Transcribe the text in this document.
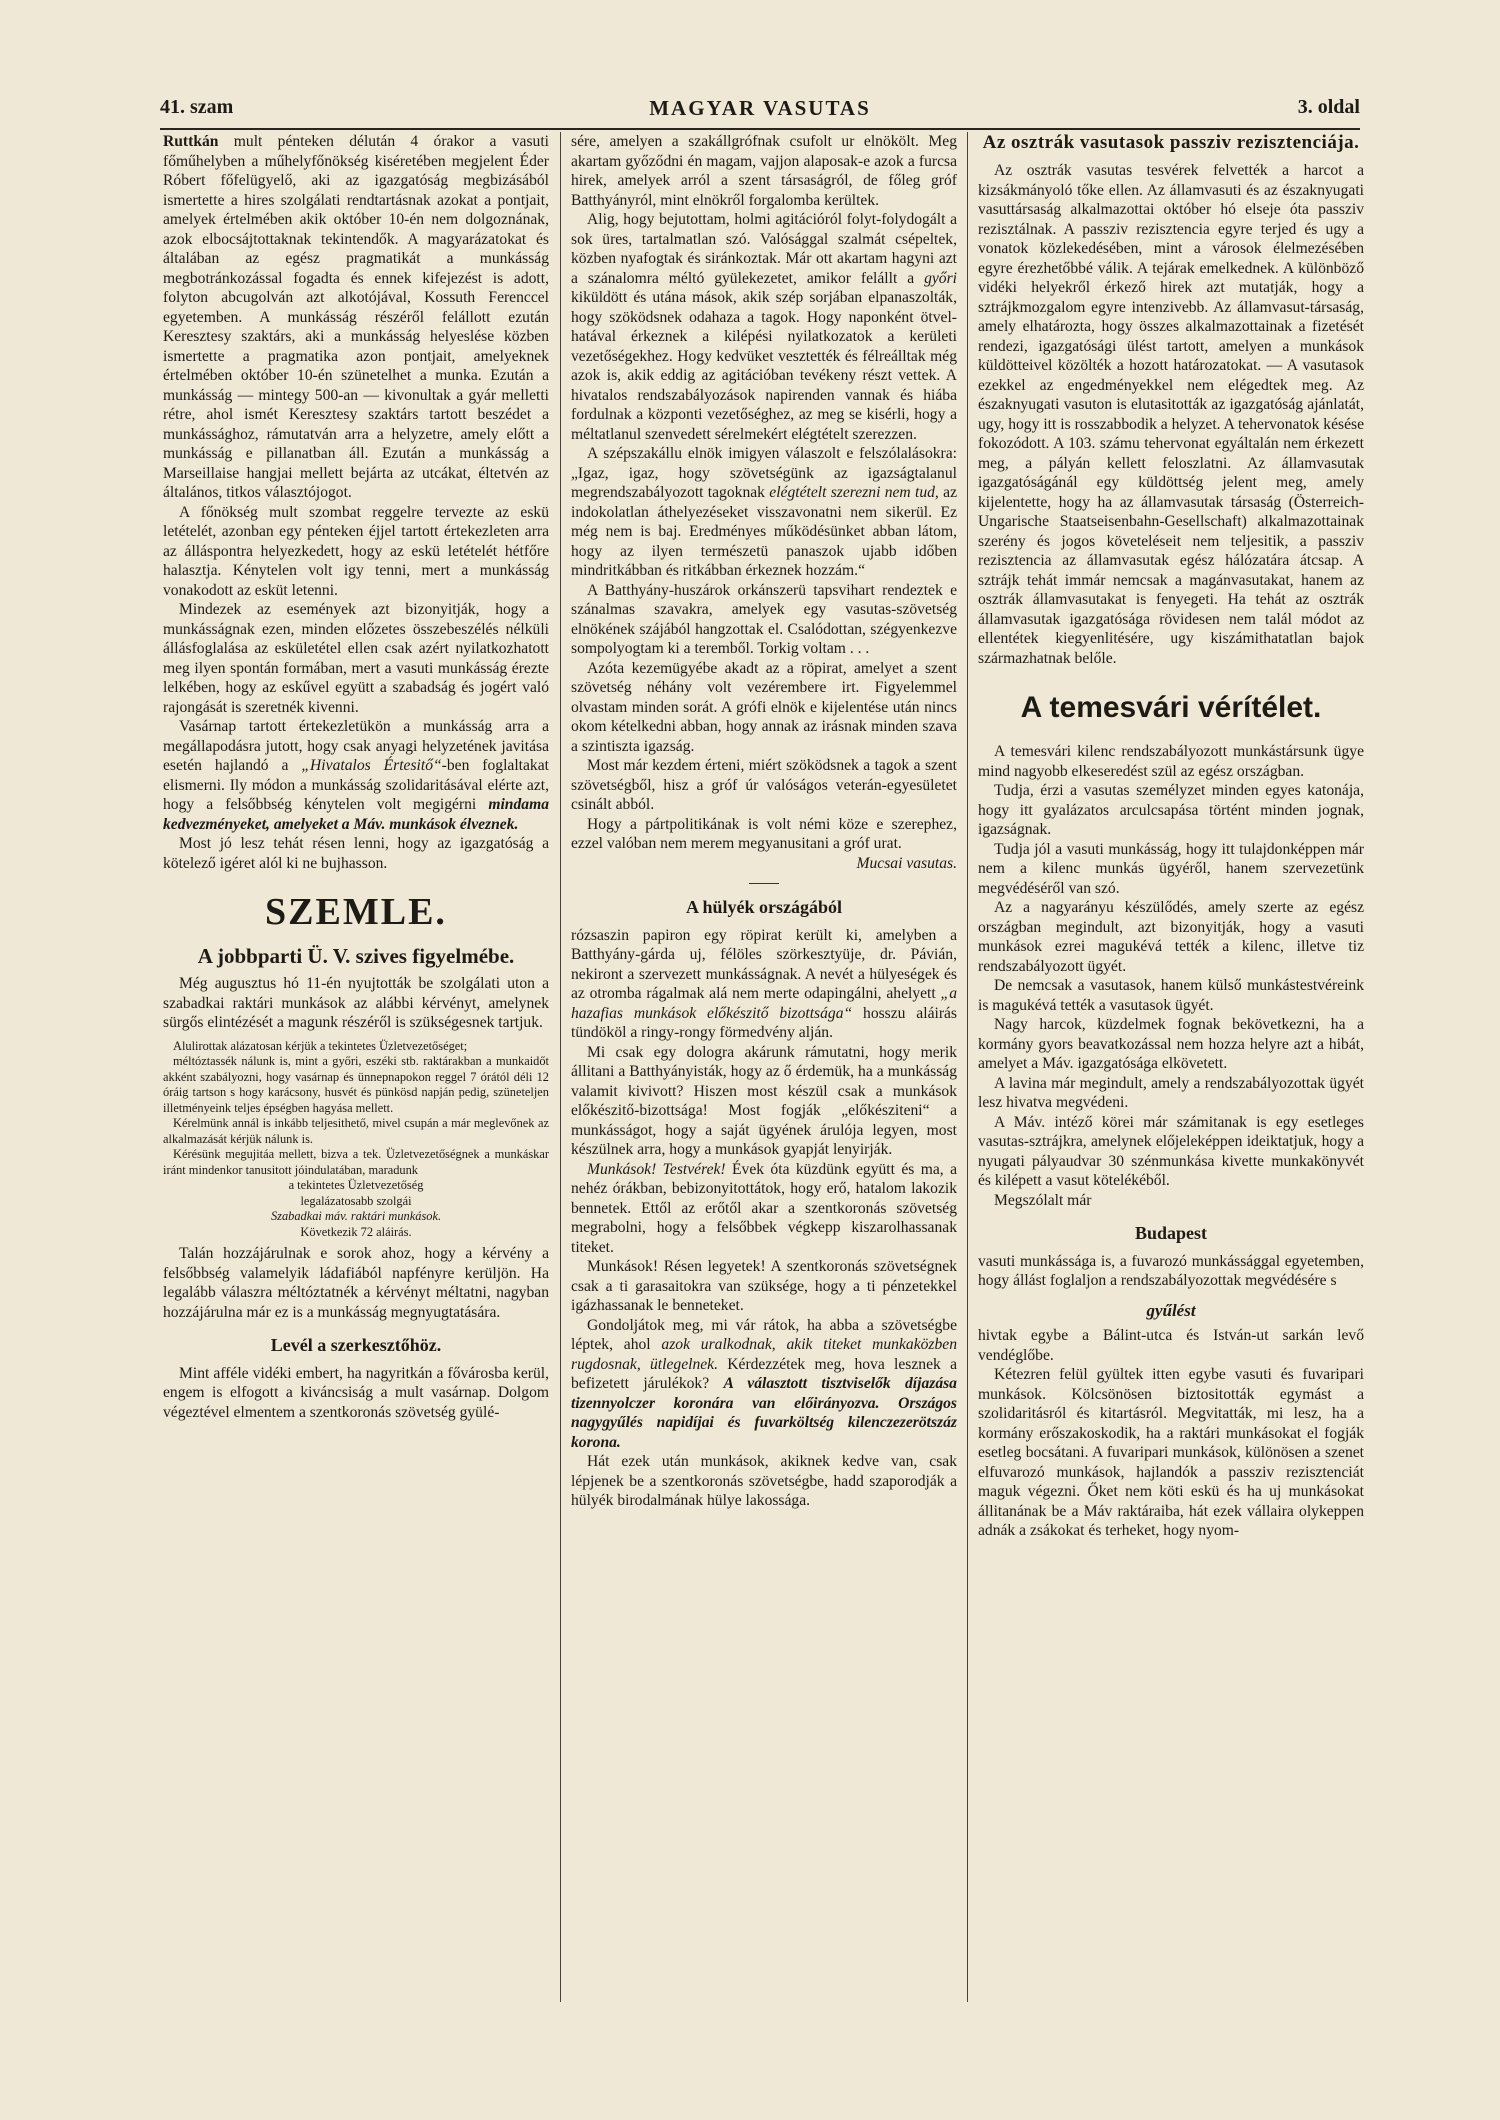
41. szam	MAGYAR VASUTAS	3. oldal

Ruttkán mult pénteken délután 4 órakor a vasuti főműhelyben a műhelyfőnökség kiséretében megjelent Éder Róbert főfelügyelő, aki az igazgatóság megbizásából ismertette a hires szolgálati rendtartásnak azokat a pontjait, amelyek értelmében akik október 10-én nem dolgoznának, azok elbocsájtottaknak tekintendők. A magyarázatokat és általában az egész pragmatikát a munkásság megbotránkozással fogadta és ennek kifejezést is adott, folyton abcugolván azt alkotójával, Kossuth Ferenccel egyetemben. A munkásság részéről felállott ezután Keresztesy szaktárs, aki a munkásság helyeslése közben ismertette a pragmatika azon pontjait, amelyeknek értelmében október 10-én szünetelhet a munka. Ezután a munkásság — mintegy 500-an — kivonultak a gyár melletti rétre, ahol ismét Keresztesy szaktárs tartott beszédet a munkássághoz, rámutatván arra a helyzetre, amely előtt a munkásság e pillanatban áll. Ezután a munkásság a Marseillaise hangjai mellett bejárta az utcákat, éltetvén az általános, titkos választójogot.

A főnökség mult szombat reggelre tervezte az eskü letételét, azonban egy pénteken éjjel tartott értekezleten arra az álláspontra helyezkedett, hogy az eskü letételét hétfőre halasztja. Kénytelen volt igy tenni, mert a munkásság vonakodott az esküt letenni.

Mindezek az események azt bizonyitják, hogy a munkásságnak ezen, minden előzetes összebeszélés nélküli állásfoglalása az eskületétel ellen csak azért nyilatkozhatott meg ilyen spontán formában, mert a vasuti munkásság érezte lelkében, hogy az eskűvel együtt a szabadság és jogért való rajongását is szeretnék kivenni.

Vasárnap tartott értekezletükön a munkásság arra a megállapodásra jutott, hogy csak anyagi helyzetének javitása esetén hajlandó a „Hivatalos Értesitő“-ben foglaltakat elismerni. Ily módon a munkásság szolidaritásával elérte azt, hogy a felsőbbség kénytelen volt megigérni mindama kedvezményeket, amelyeket a Máv. munkások élveznek.

Most jó lesz tehát résen lenni, hogy az igazgatóság a kötelező igéret alól ki ne bujhasson.

SZEMLE.
A jobbparti Ü. V. szives figyelmébe.

Még augusztus hó 11-én nyujtották be szolgálati uton a szabadkai raktári munkások az alábbi kérvényt, amelynek sürgős elintézését a magunk részéről is szükségesnek tartjuk.

Alulirottak alázatosan kérjük a tekintetes Üzletvezetőséget;

méltóztassék nálunk is, mint a győri, eszéki stb. raktárakban a munkaidőt akként szabályozni, hogy vasárnap és ünnepnapokon reggel 7 órától déli 12 óráig tartson s hogy karácsony, husvét és pünkösd napján pedig, szüneteljen illetményeink teljes épségben hagyása mellett.

Kérelmünk annál is inkább teljesithető, mivel csupán a már meglevőnek az alkalmazását kérjük nálunk is.

Kérésünk megujitáa mellett, bizva a tek. Üzletvezetőségnek a munkáskar iránt mindenkor tanusitott jóindulatában, maradunk

a tekintetes Üzletvezetőség

legalázatosabb szolgái

Szabadkai máv. raktári munkások.

Következik 72 aláirás.

Talán hozzájárulnak e sorok ahoz, hogy a kérvény a felsőbbség valamelyik ládafiából napfényre kerüljön. Ha legalább válaszra méltóztatnék a kérvényt méltatni, nagyban hozzájárulna már ez is a munkásság megnyugtatására.

Levél a szerkesztőhöz.

Mint afféle vidéki embert, ha nagyritkán a fővárosba kerül, engem is elfogott a kiváncsiság a mult vasárnap. Dolgom végeztével elmentem a szentkoronás szövetség gyülé-

sére, amelyen a szakállgrófnak csufolt ur elnökölt. Meg akartam győződni én magam, vajjon alaposak-e azok a furcsa hirek, amelyek arról a szent társaságról, de főleg gróf Batthyányról, mint elnökről forgalomba kerültek.

Alig, hogy bejutottam, holmi agitációról folyt-folydogált a sok üres, tartalmatlan szó. Valósággal szalmát csépeltek, közben nyafogtak és siránkoztak. Már ott akartam hagyni azt a szánalomra méltó gyülekezetet, amikor felállt a győri kiküldött és utána mások, akik szép sorjában elpanaszolták, hogy szöködsnek odahaza a tagok. Hogy naponként ötvel-hatával érkeznek a kilépési nyilatkozatok a kerületi vezetőségekhez. Hogy kedvüket vesztették és félreálltak még azok is, akik eddig az agitációban tevékeny részt vettek. A hivatalos rendszabályozások napirenden vannak és hiába fordulnak a központi vezetőséghez, az meg se kisérli, hogy a méltatlanul szenvedett sérelmekért elégtételt szerezzen.

A szépszakállu elnök imigyen válaszolt e felszólalásokra: „Igaz, igaz, hogy szövetségünk az igazságtalanul megrendszabályozott tagoknak elégtételt szerezni nem tud, az indokolatlan áthelyezéseket visszavonatni nem sikerül. Ez még nem is baj. Eredményes működésünket abban látom, hogy az ilyen természetü panaszok ujabb időben mindritkábban és ritkábban érkeznek hozzám.“

A Batthyány-huszárok orkánszerü tapsvihart rendeztek e szánalmas szavakra, amelyek egy vasutas-szövetség elnökének szájából hangzottak el. Csalódottan, szégyenkezve sompolyogtam ki a teremből. Torkig voltam . . .

Azóta kezemügyébe akadt az a röpirat, amelyet a szent szövetség néhány volt vezérembere irt. Figyelemmel olvastam minden sorát. A grófi elnök e kijelentése után nincs okom kételkedni abban, hogy annak az irásnak minden szava a szintiszta igazság.

Most már kezdem érteni, miért szöködsnek a tagok a szent szövetségből, hisz a gróf úr valóságos veterán-egyesületet csinált abból.

Hogy a pártpolitikának is volt némi köze e szerephez, ezzel valóban nem merem megyanusitani a gróf urat.

Mucsai vasutas.

A hülyék országából

rózsaszin papiron egy röpirat került ki, amelyben a Batthyány-gárda uj, félöles szörkesztyüje, dr. Pávián, nekiront a szervezett munkásságnak. A nevét a hülyeségek és az otromba rágalmak alá nem merte odapingálni, ahelyett „a hazafias munkások előkészitő bizottsága“ hosszu aláirás tündököl a ringy-rongy förmedvény alján.

Mi csak egy dologra akárunk rámutatni, hogy merik állitani a Batthyányisták, hogy az ő érdemük, ha a munkásság valamit kivivott? Hiszen most készül csak a munkások előkészitő-bizottsága! Most fogják „előkésziteni“ a munkásságot, hogy a saját ügyének árulója legyen, most készülnek arra, hogy a munkások gyapját lenyirják.

Munkások! Testvérek! Évek óta küzdünk együtt és ma, a nehéz órákban, bebizonyitottátok, hogy erő, hatalom lakozik bennetek. Ettől az erőtől akar a szentkoronás szövetség megrabolni, hogy a felsőbbek végkepp kiszarolhassanak titeket.

Munkások! Résen legyetek! A szentkoronás szövetségnek csak a ti garasaitokra van szüksége, hogy a ti pénzetekkel igázhassanak le benneteket.

Gondoljátok meg, mi vár rátok, ha abba a szövetségbe léptek, ahol azok uralkodnak, akik titeket munkaközben rugdosnak, ütlegelnek. Kérdezzétek meg, hova lesznek a befizetett járulékok? A választott tisztviselők díjazása tizennyolczer koronára van előirányozva. Országos nagygyűlés napidíjai és fuvarköltség kilenczezerötszáz korona.

Hát ezek után munkások, akiknek kedve van, csak lépjenek be a szentkoronás szövetségbe, hadd szaporodják a hülyék birodalmának hülye lakossága.

Az osztrák vasutasok passziv rezisztenciája.

Az osztrák vasutas tesvérek felvették a harcot a kizsákmányoló tőke ellen. Az államvasuti és az északnyugati vasuttársaság alkalmazottai október hó elseje óta passziv rezisztálnak. A passziv rezisztencia egyre terjed és ugy a vonatok közlekedésében, mint a városok élelmezésében egyre érezhetőbbé válik. A tejárak emelkednek. A különböző vidéki helyekről érkező hirek azt mutatják, hogy a sztrájkmozgalom egyre intenzivebb. Az államvasut-társaság, amely elhatározta, hogy összes alkalmazottainak a fizetését rendezi, igazgatósági ülést tartott, amelyen a munkások küldötteivel közölték a hozott határozatokat. — A vasutasok ezekkel az engedményekkel nem elégedtek meg. Az északnyugati vasuton is elutasitották az igazgatóság ajánlatát, ugy, hogy itt is rosszabbodik a helyzet. A tehervonatok késése fokozódott. A 103. számu tehervonat egyáltalán nem érkezett meg, a pályán kellett feloszlatni. Az államvasutak igazgatóságánál egy küldöttség jelent meg, amely kijelentette, hogy ha az államvasutak társaság (Österreich-Ungarische Staatseisenbahn-Gesellschaft) alkalmazottainak szerény és jogos követeléseit nem teljesitik, a passziv rezisztencia az államvasutak egész hálózatára átcsap. A sztrájk tehát immár nemcsak a magánvasutakat, hanem az osztrák államvasutakat is fenyegeti. Ha tehát az osztrák államvasutak igazgatósága rövidesen nem talál módot az ellentétek kiegyenlitésére, ugy kiszámithatatlan bajok származhatnak belőle.

A temesvári vérítélet.

A temesvári kilenc rendszabályozott munkástársunk ügye mind nagyobb elkeseredést szül az egész országban.

Tudja, érzi a vasutas személyzet minden egyes katonája, hogy itt gyalázatos arculcsapása történt minden jognak, igazságnak.

Tudja jól a vasuti munkásság, hogy itt tulajdonképpen már nem a kilenc munkás ügyéről, hanem szervezetünk megvédéséről van szó.

Az a nagyarányu készülődés, amely szerte az egész országban megindult, azt bizonyitják, hogy a vasuti munkások ezrei magukévá tették a kilenc, illetve tiz rendszabályozott ügyét.

De nemcsak a vasutasok, hanem külső munkástestvéreink is magukévá tették a vasutasok ügyét.

Nagy harcok, küzdelmek fognak bekövetkezni, ha a kormány gyors beavatkozással nem hozza helyre azt a hibát, amelyet a Máv. igazgatósága elkövetett.

A lavina már megindult, amely a rendszabályozottak ügyét lesz hivatva megvédeni.

A Máv. intéző körei már számitanak is egy esetleges vasutas-sztrájkra, amelynek előjeleképpen ideiktatjuk, hogy a nyugati pályaudvar 30 szénmunkása kivette munkakönyvét és kilépett a vasut kötelékéből.

Megszólalt már

Budapest

vasuti munkássága is, a fuvarozó munkássággal egyetemben, hogy állást foglaljon a rendszabályozottak megvédésére s

gyűlést

hivtak egybe a Bálint-utca és István-ut sarkán levő vendéglőbe.

Kétezren felül gyültek itten egybe vasuti és fuvaripari munkások. Kölcsönösen biztositották egymást a szolidaritásról és kitartásról. Megvitatták, mi lesz, ha a kormány erőszakoskodik, ha a raktári munkásokat el fogják esetleg bocsátani. A fuvaripari munkások, különösen a szenet elfuvarozó munkások, hajlandók a passziv rezisztenciát maguk végezni. Őket nem köti eskü és ha uj munkásokat állitanának be a Máv raktáraiba, hát ezek vállaira olykeppen adnák a zsákokat és terheket, hogy nyom-
